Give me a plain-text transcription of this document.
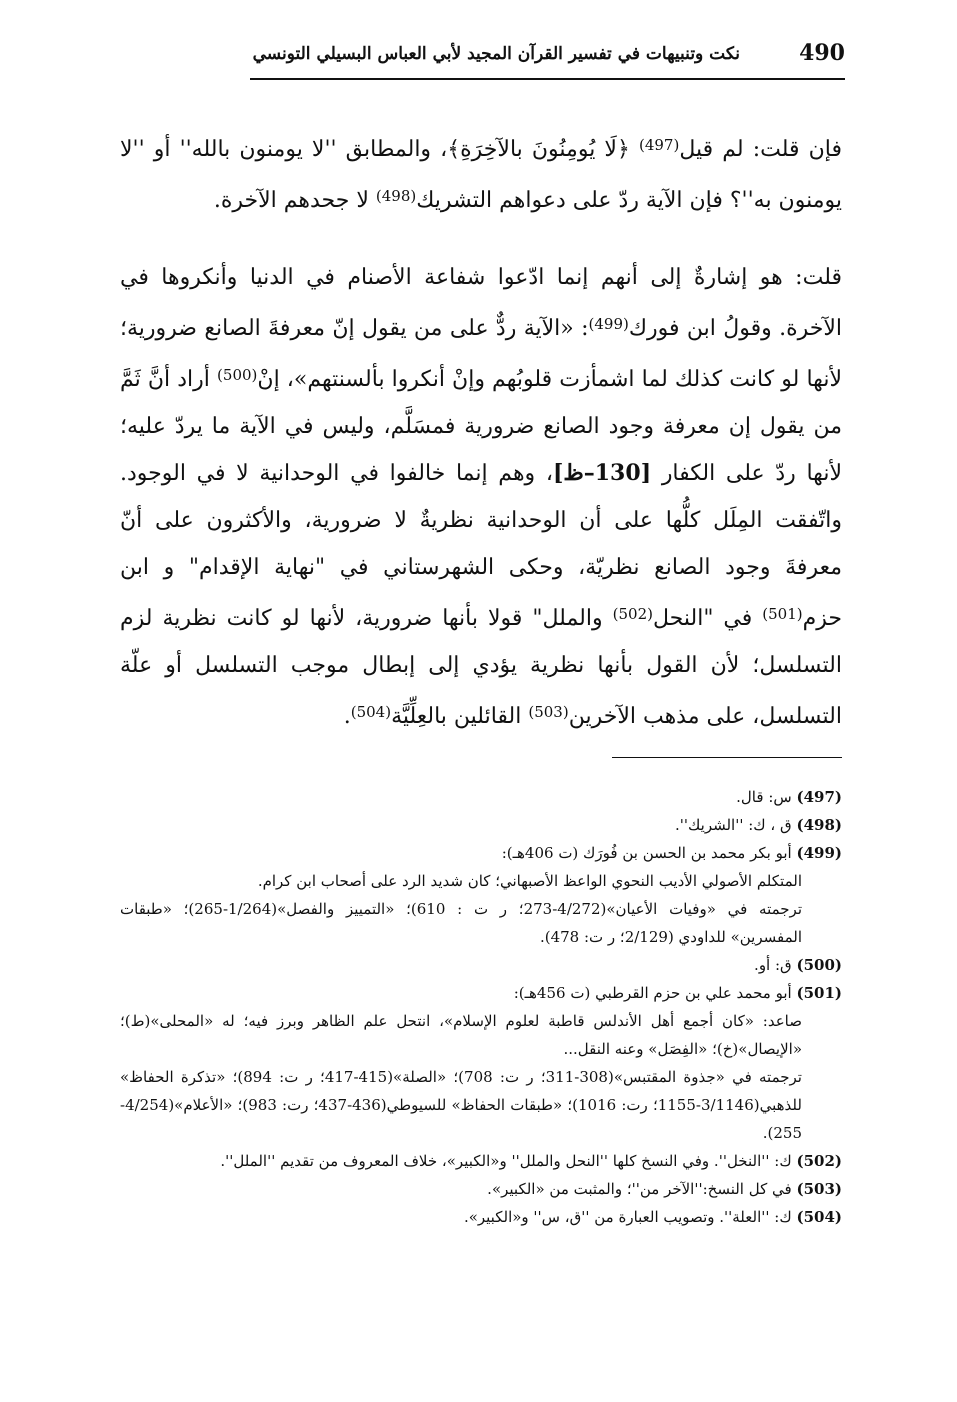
490
نكت وتنبيهات في تفسير القرآن المجيد لأبي العباس البسيلي التونسي

فإن قلت: لم قيل$^{(497)}$ ﴿لَا يُومِنُونَ بالآخِرَةِ﴾، والمطابق ''لا يومنون بالله'' أو ''لا يومنون به''؟ فإن الآية ردّ على دعواهم التشريك$^{(498)}$ لا جحدهم الآخرة.

قلت: هو إشارةٌ إلى أنهم إنما ادّعوا شفاعة الأصنام في الدنيا وأنكروها في الآخرة. وقولُ ابن فورك$^{(499)}$: «الآية ردٌّ على من يقول إنّ معرفةَ الصانع ضرورية؛ لأنها لو كانت كذلك لما اشمأزت قلوبُهم وإنْ أنكروا بألسنتهم»، إنْ$^{(500)}$ أراد أنَّ ثَمَّ من يقول إن معرفة وجود الصانع ضرورية فمسَلَّم، وليس في الآية ما يردّ عليه؛ لأنها ردّ على الكفار [130–ظ]، وهم إنما خالفوا في الوحدانية لا في الوجود. واتّفقت المِلَل كلُّها على أن الوحدانية نظريةٌ لا ضرورية، والأكثرون على أنّ معرفةَ وجود الصانع نظريّة، وحكى الشهرستاني في "نهاية الإقدام" و ابن حزم$^{(501)}$ في "النحل$^{(502)}$ والملل" قولا بأنها ضرورية، لأنها لو كانت نظرية لزم التسلسل؛ لأن القول بأنها نظرية يؤدي إلى إبطال موجب التسلسل أو علّة التسلسل، على مذهب الآخرين$^{(503)}$ القائلين بالعِلِّيَّة$^{(504)}$.

(497) س: قال.

(498) ق ، ك: ''الشريك''.

(499) أبو بكر محمد بن الحسن بن فُورَك (ت 406هـ):
المتكلم الأصولي الأديب النحوي الواعظ الأصبهاني؛ كان شديد الرد على أصحاب ابن كرام.
ترجمته في «وفيات الأعيان»(4/272-273؛ ر ت : 610)؛ «التمييز والفصل»(1/264-265)؛ «طبقات المفسرين» للداودي (2/129؛ ر ت: 478).

(500) ق: أو.

(501) أبو محمد علي بن حزم القرطبي (ت 456هـ):
صاعد: «كان أجمع أهل الأندلس قاطبة لعلوم الإسلام»، انتحل علم الظاهر وبرز فيه؛ له «المحلى»(ط)؛ «الإيصال»(خ)؛ «الفِصَل» وعنه النقل...
ترجمته في «جذوة المقتبس»(308-311؛ ر ت: 708)؛ «الصلة»(415-417؛ ر ت: 894)؛ «تذكرة الحفاظ» للذهبي(3/1146-1155؛ رت: 1016)؛ «طبقات الحفاظ» للسيوطي(436-437؛ رت: 983)؛ «الأعلام»(4/254-255).

(502) ك: ''النخل''. وفي النسخ كلها ''النحل والملل'' و«الكبير»، خلاف المعروف من تقديم ''الملل''.

(503) في كل النسخ:''الآخر من''؛ والمثبت من «الكبير».

(504) ك: ''العلة''. وتصويب العبارة من ''ق، س'' و«الكبير».
